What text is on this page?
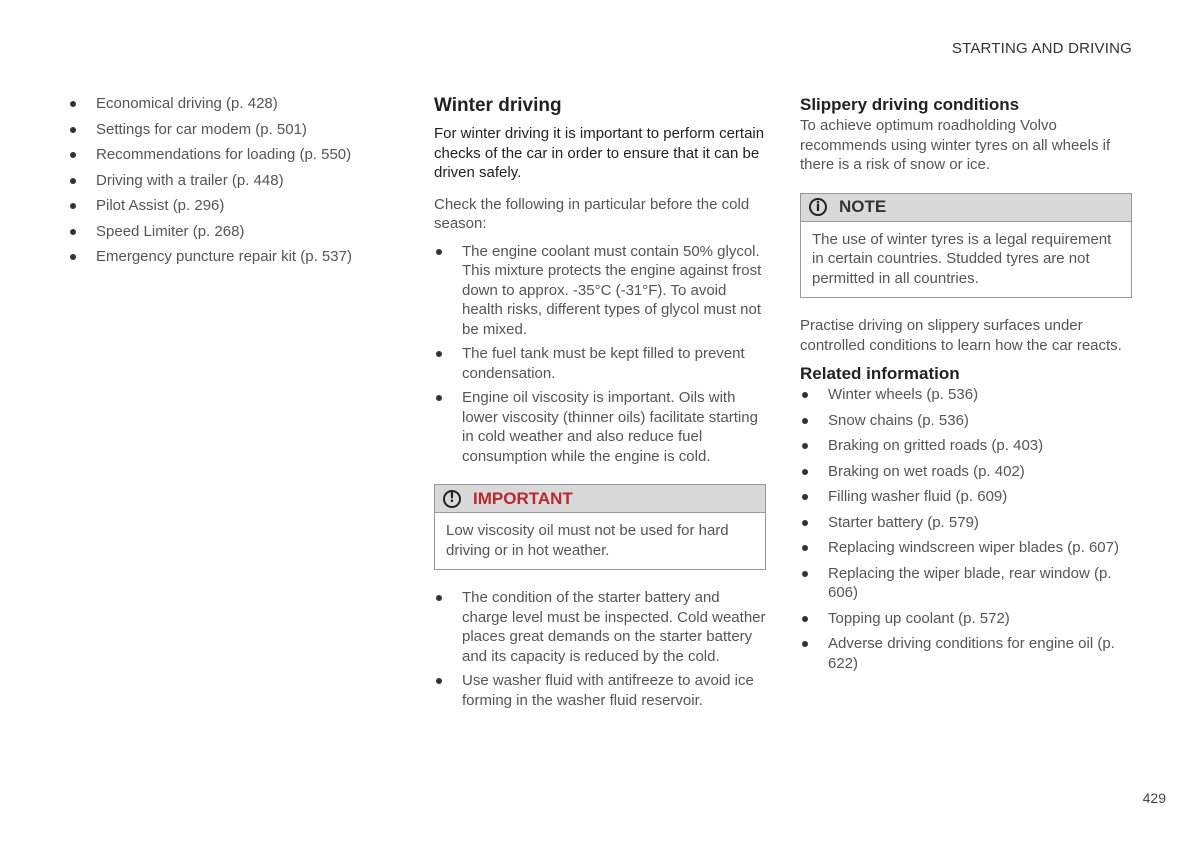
STARTING AND DRIVING
Economical driving (p. 428)
Settings for car modem (p. 501)
Recommendations for loading (p. 550)
Driving with a trailer (p. 448)
Pilot Assist (p. 296)
Speed Limiter (p. 268)
Emergency puncture repair kit (p. 537)
Winter driving

For winter driving it is important to perform certain checks of the car in order to ensure that it can be driven safely.

Check the following in particular before the cold season:

The engine coolant must contain 50% glycol. This mixture protects the engine against frost down to approx. -35°C (-31°F). To avoid health risks, different types of glycol must not be mixed.
The fuel tank must be kept filled to prevent condensation.
Engine oil viscosity is important. Oils with lower viscosity (thinner oils) facilitate starting in cold weather and also reduce fuel consumption while the engine is cold.
!	IMPORTANT
Low viscosity oil must not be used for hard driving or in hot weather.
The condition of the starter battery and charge level must be inspected. Cold weather places great demands on the starter battery and its capacity is reduced by the cold.
Use washer fluid with antifreeze to avoid ice forming in the washer fluid reservoir.
Slippery driving conditions

To achieve optimum roadholding Volvo recommends using winter tyres on all wheels if there is a risk of snow or ice.

i	NOTE
The use of winter tyres is a legal requirement in certain countries. Studded tyres are not permitted in all countries.

Practise driving on slippery surfaces under controlled conditions to learn how the car reacts.

Related information
Winter wheels (p. 536)
Snow chains (p. 536)
Braking on gritted roads (p. 403)
Braking on wet roads (p. 402)
Filling washer fluid (p. 609)
Starter battery (p. 579)
Replacing windscreen wiper blades (p. 607)
Replacing the wiper blade, rear window (p. 606)
Topping up coolant (p. 572)
Adverse driving conditions for engine oil (p. 622)
429
